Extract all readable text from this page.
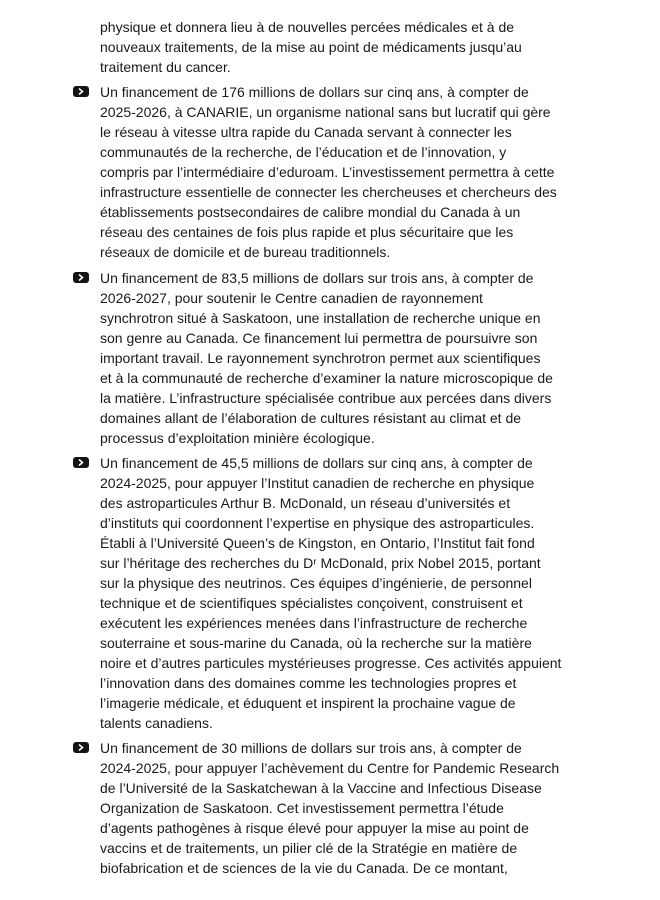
physique et donnera lieu à de nouvelles percées médicales et à de
nouveaux traitements, de la mise au point de médicaments jusqu’au
traitement du cancer.

Un financement de 176 millions de dollars sur cinq ans, à compter de
2025-2026, à CANARIE, un organisme national sans but lucratif qui gère
le réseau à vitesse ultra rapide du Canada servant à connecter les
communautés de la recherche, de l’éducation et de l’innovation, y
compris par l’intermédiaire d’eduroam. L’investissement permettra à cette
infrastructure essentielle de connecter les chercheuses et chercheurs des
établissements postsecondaires de calibre mondial du Canada à un
réseau des centaines de fois plus rapide et plus sécuritaire que les
réseaux de domicile et de bureau traditionnels.

Un financement de 83,5 millions de dollars sur trois ans, à compter de
2026-2027, pour soutenir le Centre canadien de rayonnement
synchrotron situé à Saskatoon, une installation de recherche unique en
son genre au Canada. Ce financement lui permettra de poursuivre son
important travail. Le rayonnement synchrotron permet aux scientifiques
et à la communauté de recherche d’examiner la nature microscopique de
la matière. L’infrastructure spécialisée contribue aux percées dans divers
domaines allant de l’élaboration de cultures résistant au climat et de
processus d’exploitation minière écologique.

Un financement de 45,5 millions de dollars sur cinq ans, à compter de
2024-2025, pour appuyer l’Institut canadien de recherche en physique
des astroparticules Arthur B. McDonald, un réseau d’universités et
d’instituts qui coordonnent l’expertise en physique des astroparticules.
Établi à l’Université Queen’s de Kingston, en Ontario, l’Institut fait fond
sur l’héritage des recherches du Dʳ McDonald, prix Nobel 2015, portant
sur la physique des neutrinos. Ces équipes d’ingénierie, de personnel
technique et de scientifiques spécialistes conçoivent, construisent et
exécutent les expériences menées dans l’infrastructure de recherche
souterraine et sous-marine du Canada, où la recherche sur la matière
noire et d’autres particules mystérieuses progresse. Ces activités appuient
l’innovation dans des domaines comme les technologies propres et
l’imagerie médicale, et éduquent et inspirent la prochaine vague de
talents canadiens.

Un financement de 30 millions de dollars sur trois ans, à compter de
2024-2025, pour appuyer l’achèvement du Centre for Pandemic Research
de l’Université de la Saskatchewan à la Vaccine and Infectious Disease
Organization de Saskatoon. Cet investissement permettra l’étude
d’agents pathogènes à risque élevé pour appuyer la mise au point de
vaccins et de traitements, un pilier clé de la Stratégie en matière de
biofabrication et de sciences de la vie du Canada. De ce montant,
